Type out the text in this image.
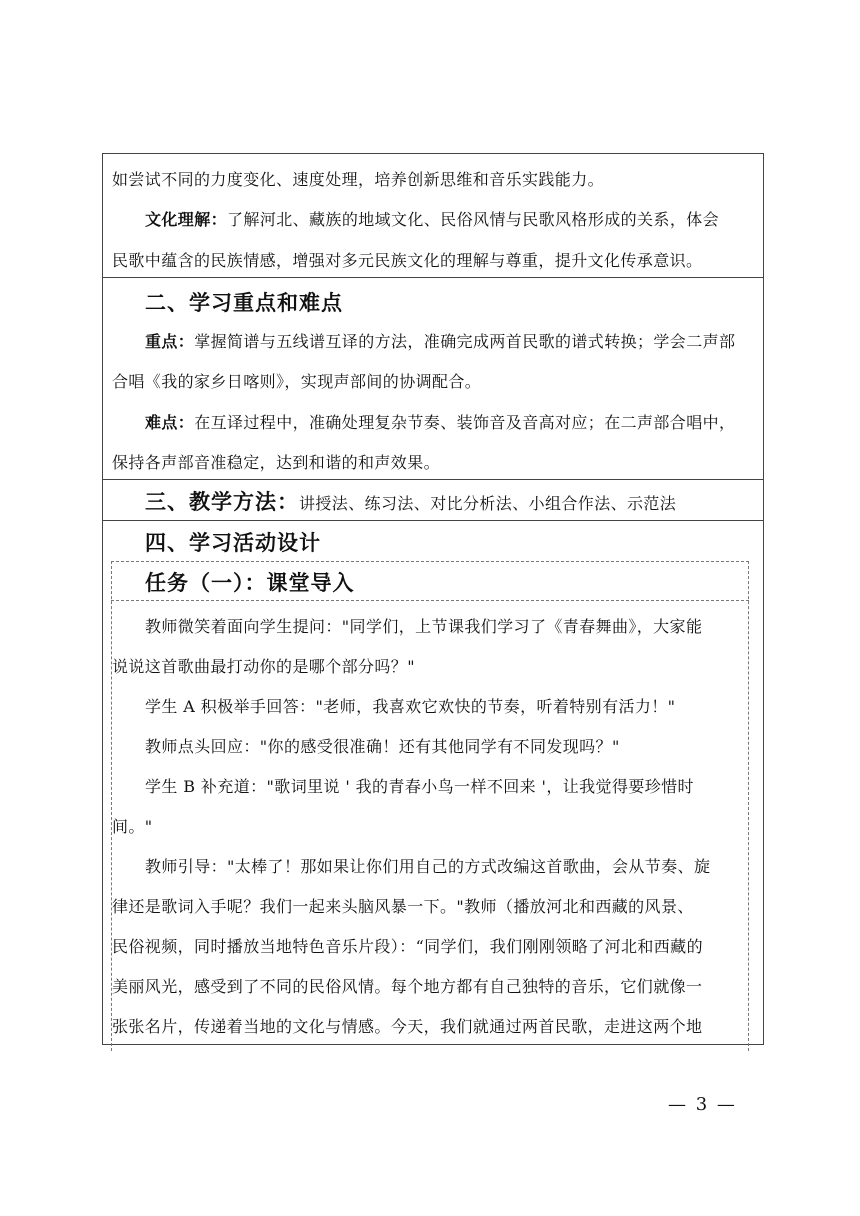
如尝试不同的力度变化、速度处理，培养创新思维和音乐实践能力。
文化理解：了解河北、藏族的地域文化、民俗风情与民歌风格形成的关系，体会
民歌中蕴含的民族情感，增强对多元民族文化的理解与尊重，提升文化传承意识。
二、学习重点和难点
重点：掌握简谱与五线谱互译的方法，准确完成两首民歌的谱式转换；学会二声部
合唱《我的家乡日喀则》，实现声部间的协调配合。
难点：在互译过程中，准确处理复杂节奏、装饰音及音高对应；在二声部合唱中，
保持各声部音准稳定，达到和谐的和声效果。
三、教学方法：讲授法、练习法、对比分析法、小组合作法、示范法
四、学习活动设计
任务（一）：课堂导入
教师微笑着面向学生提问："同学们，上节课我们学习了《青春舞曲》，大家能
说说这首歌曲最打动你的是哪个部分吗？"
学生 A 积极举手回答："老师，我喜欢它欢快的节奏，听着特别有活力！"
教师点头回应："你的感受很准确！还有其他同学有不同发现吗？"
学生 B 补充道："歌词里说 ' 我的青春小鸟一样不回来 '，让我觉得要珍惜时
间。"
教师引导："太棒了！那如果让你们用自己的方式改编这首歌曲，会从节奏、旋
律还是歌词入手呢？我们一起来头脑风暴一下。"教师（播放河北和西藏的风景、
民俗视频，同时播放当地特色音乐片段）：“同学们，我们刚刚领略了河北和西藏的
美丽风光，感受到了不同的民俗风情。每个地方都有自己独特的音乐，它们就像一
张张名片，传递着当地的文化与情感。今天，我们就通过两首民歌，走进这两个地
— 3 —
